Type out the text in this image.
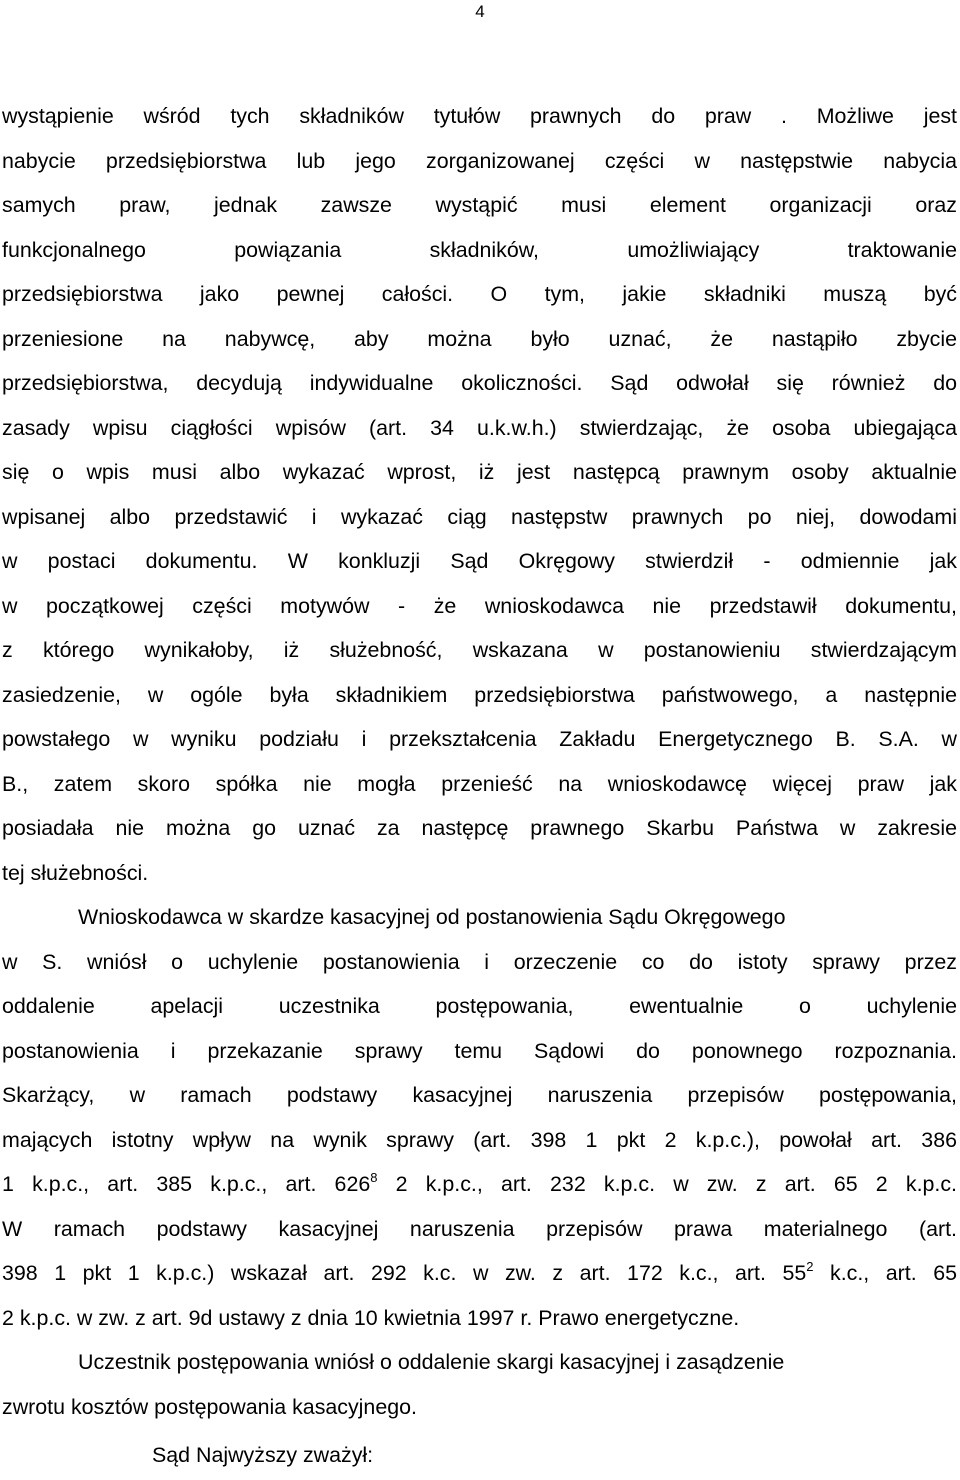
4
wystąpienie wśród tych składników tytułów prawnych do praw . Możliwe jest
nabycie przedsiębiorstwa lub jego zorganizowanej części w następstwie nabycia
samych praw, jednak zawsze wystąpić musi element organizacji oraz
funkcjonalnego powiązania składników, umożliwiający traktowanie
przedsiębiorstwa jako pewnej całości. O tym, jakie składniki muszą być
przeniesione na nabywcę, aby można było uznać, że nastąpiło zbycie
przedsiębiorstwa, decydują indywidualne okoliczności. Sąd odwołał się również do
zasady wpisu ciągłości wpisów (art. 34 u.k.w.h.) stwierdzając, że osoba ubiegająca
się o wpis musi albo wykazać wprost, iż jest następcą prawnym osoby aktualnie
wpisanej albo przedstawić i wykazać ciąg następstw prawnych po niej, dowodami
w postaci dokumentu. W konkluzji Sąd Okręgowy stwierdził - odmiennie jak
w początkowej części motywów - że wnioskodawca nie przedstawił dokumentu,
z którego wynikałoby, iż służebność, wskazana w postanowieniu stwierdzającym
zasiedzenie, w ogóle była składnikiem przedsiębiorstwa państwowego, a następnie
powstałego w wyniku podziału i przekształcenia Zakładu Energetycznego B. S.A. w
B., zatem skoro spółka nie mogła przenieść na wnioskodawcę więcej praw jak
posiadała nie można go uznać za następcę prawnego Skarbu Państwa w zakresie
tej służebności.
Wnioskodawca w skardze kasacyjnej od postanowienia Sądu Okręgowego
w S. wniósł o uchylenie postanowienia i orzeczenie co do istoty sprawy przez
oddalenie apelacji uczestnika postępowania, ewentualnie o uchylenie
postanowienia i przekazanie sprawy temu Sądowi do ponownego rozpoznania.
Skarżący, w ramach podstawy kasacyjnej naruszenia przepisów postępowania,
mających istotny wpływ na wynik sprawy (art. 398 1 pkt 2 k.p.c.), powołał art. 386
1 k.p.c., art. 385 k.p.c., art. $626^8$ 2 k.p.c., art. 232 k.p.c. w zw. z art. 65 2 k.p.c.
W ramach podstawy kasacyjnej naruszenia przepisów prawa materialnego (art.
398 1 pkt 1 k.p.c.) wskazał art. 292 k.c. w zw. z art. 172 k.c., art. $55^2$ k.c., art. 65
2 k.p.c. w zw. z art. 9d ustawy z dnia 10 kwietnia 1997 r. Prawo energetyczne.
Uczestnik postępowania wniósł o oddalenie skargi kasacyjnej i zasądzenie
zwrotu kosztów postępowania kasacyjnego.
Sąd Najwyższy zważył:
